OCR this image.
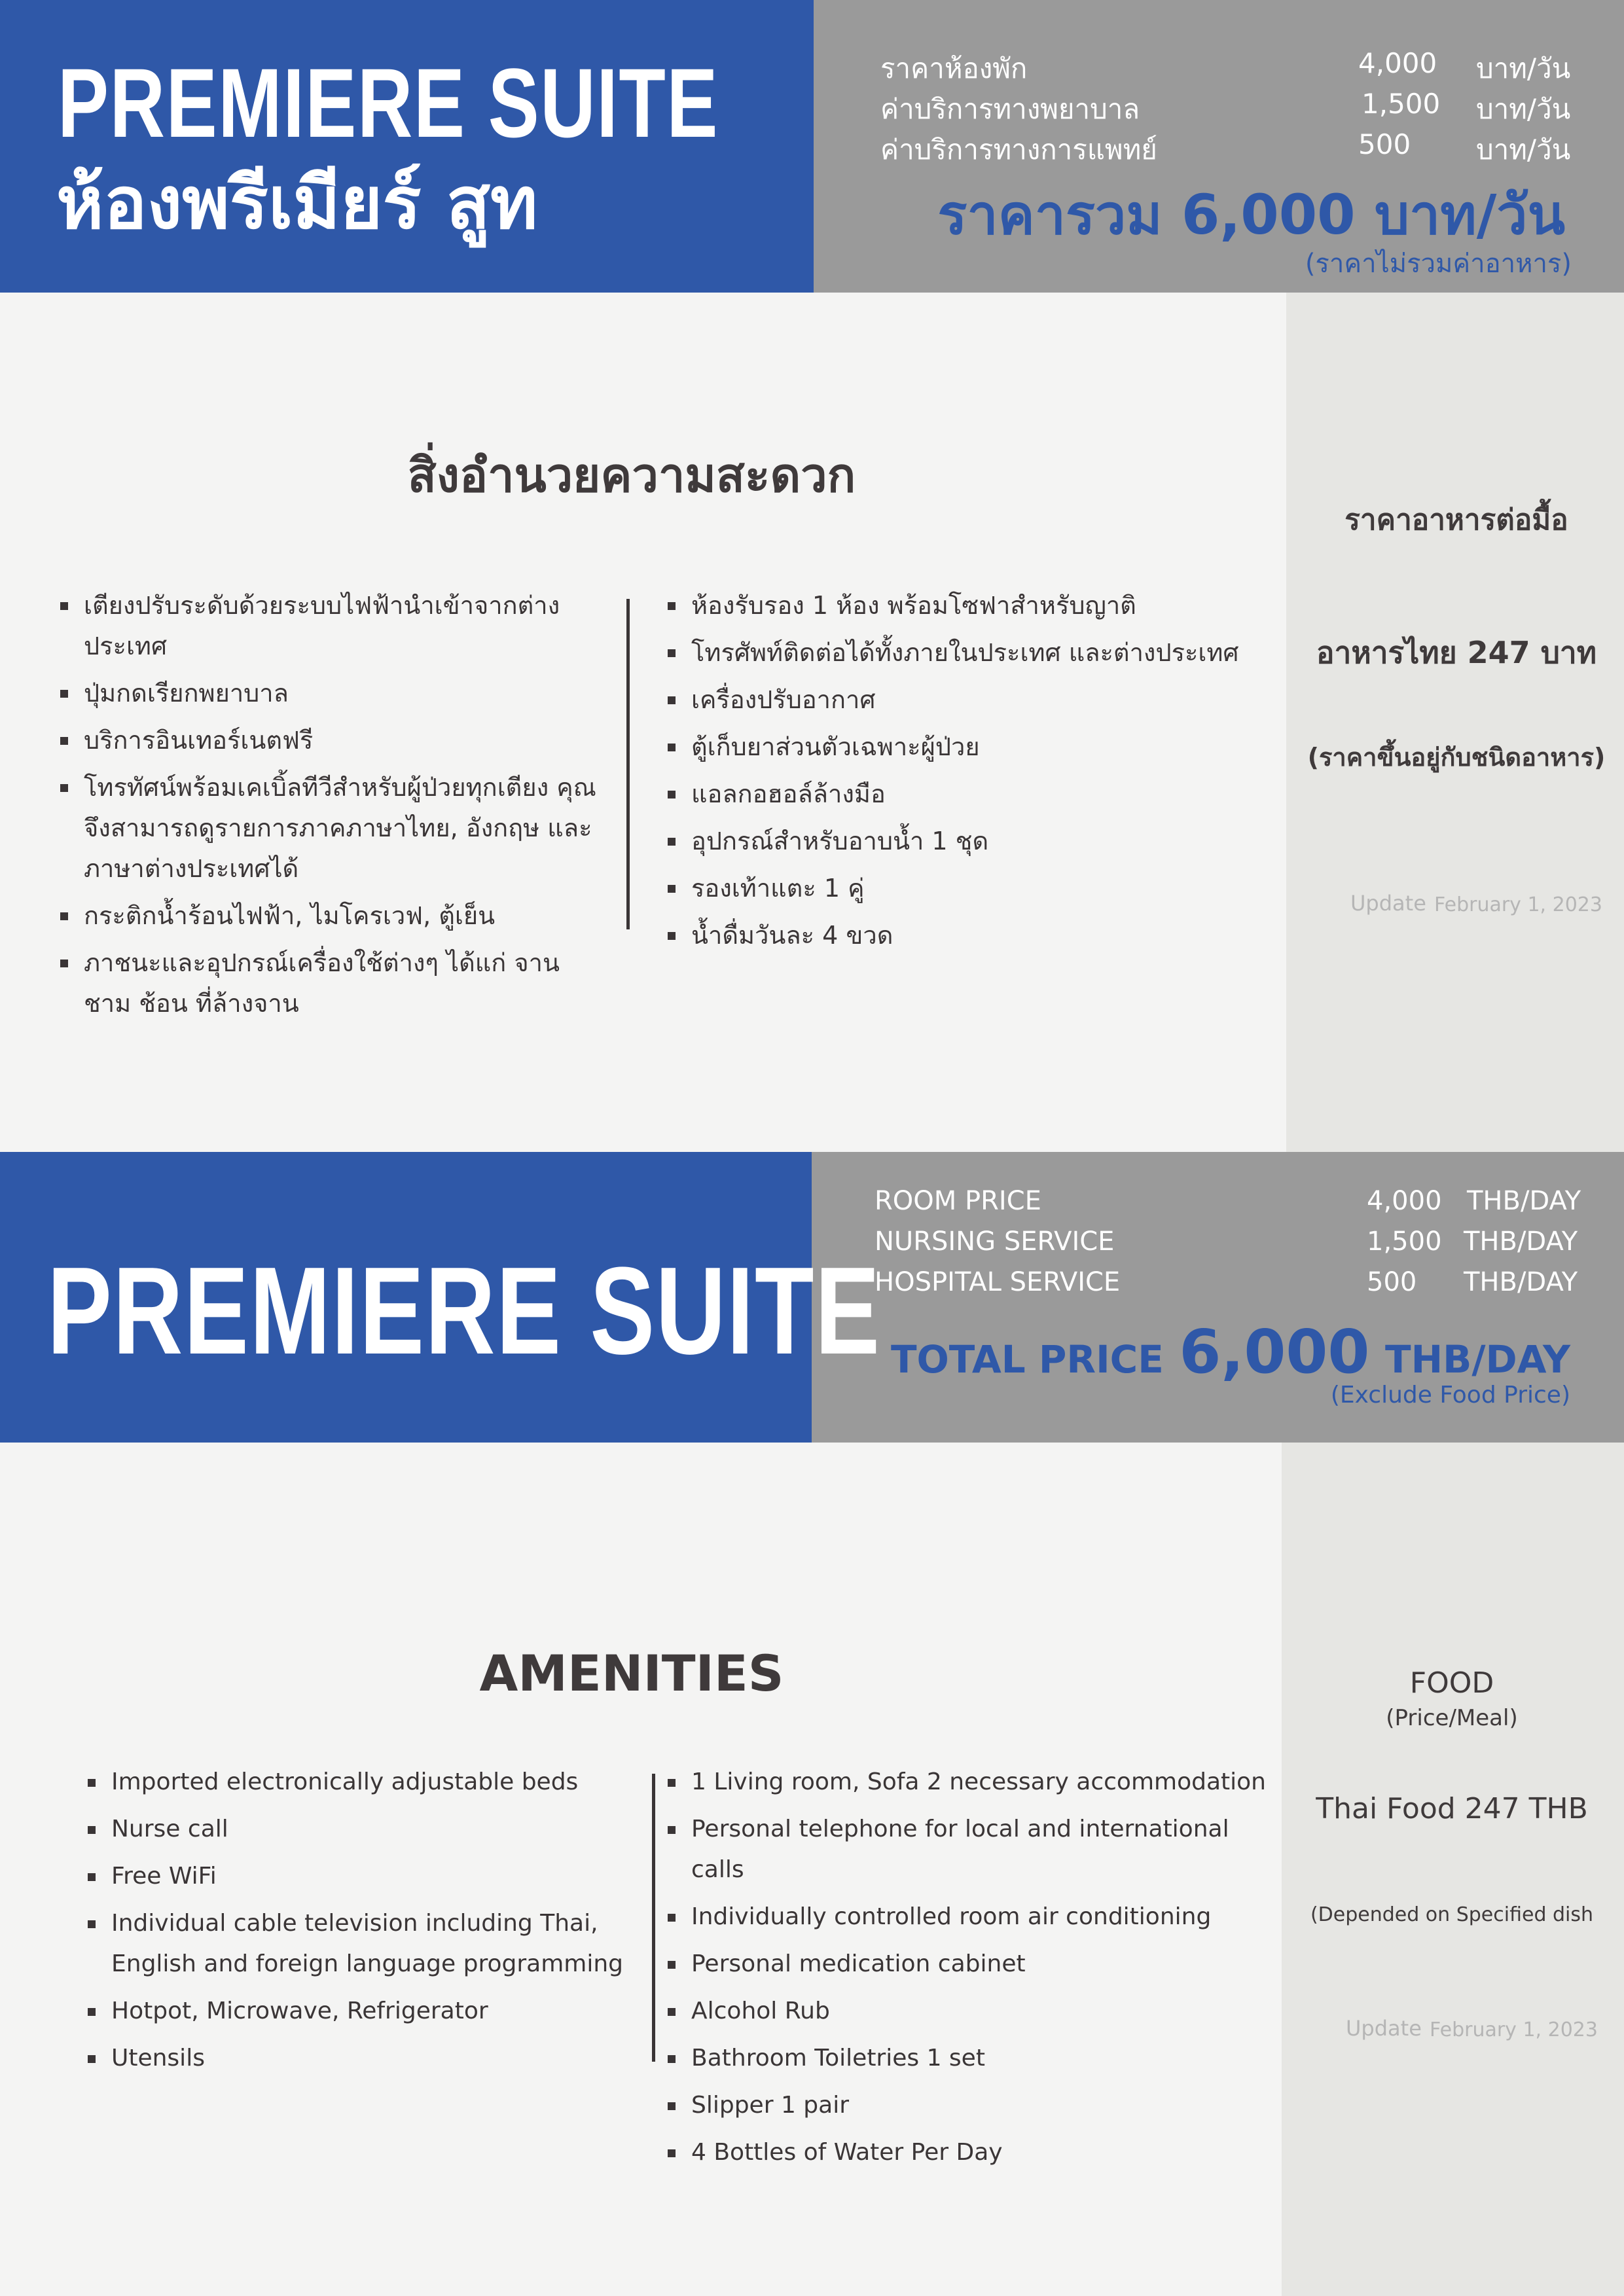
PREMIERE SUITE
ห้องพรีเมียร์ สูท
ราคาห้องพัก	4,000 บาท/วัน
ค่าบริการทางพยาบาล	1,500 บาท/วัน
ค่าบริการทางการแพทย์	500 บาท/วัน
ราคารวม 6,000 บาท/วัน
(ราคาไม่รวมค่าอาหาร)
สิ่งอำนวยความสะดวก
เตียงปรับระดับด้วยระบบไฟฟ้านำเข้าจากต่างประเทศ
ปุ่มกดเรียกพยาบาล
บริการอินเทอร์เนตฟรี
โทรทัศน์พร้อมเคเบิ้ลทีวีสำหรับผู้ป่วยทุกเตียง คุณจึงสามารถดูรายการภาคภาษาไทย, อังกฤษ และภาษาต่างประเทศได้
กระติกน้ำร้อนไฟฟ้า, ไมโครเวฟ, ตู้เย็น
ภาชนะและอุปกรณ์เครื่องใช้ต่างๆ ได้แก่ จาน ชาม ช้อน ที่ล้างจาน
ห้องรับรอง 1 ห้อง พร้อมโซฟาสำหรับญาติ
โทรศัพท์ติดต่อได้ทั้งภายในประเทศ และต่างประเทศ
เครื่องปรับอากาศ
ตู้เก็บยาส่วนตัวเฉพาะผู้ป่วย
แอลกอฮอล์ล้างมือ
อุปกรณ์สำหรับอาบน้ำ 1 ชุด
รองเท้าแตะ 1 คู่
น้ำดื่มวันละ 4 ขวด
ราคาอาหารต่อมื้อ
อาหารไทย 247 บาท
(ราคาขึ้นอยู่กับชนิดอาหาร)
Update February 1, 2023
PREMIERE SUITE
ROOM PRICE	4,000 THB/DAY
NURSING SERVICE	1,500 THB/DAY
HOSPITAL SERVICE	500 THB/DAY
TOTAL PRICE 6,000 THB/DAY
(Exclude Food Price)
AMENITIES
Imported electronically adjustable beds
Nurse call
Free WiFi
Individual cable television including Thai, English and foreign language programming
Hotpot, Microwave, Refrigerator
Utensils
1 Living room, Sofa 2 necessary accommodation
Personal telephone for local and international calls
Individually controlled room air conditioning
Personal medication cabinet
Alcohol Rub
Bathroom Toiletries 1 set
Slipper 1 pair
4 Bottles of Water Per Day
FOOD
(Price/Meal)
Thai Food 247 THB
(Depended on Specified dish
Update February 1, 2023
